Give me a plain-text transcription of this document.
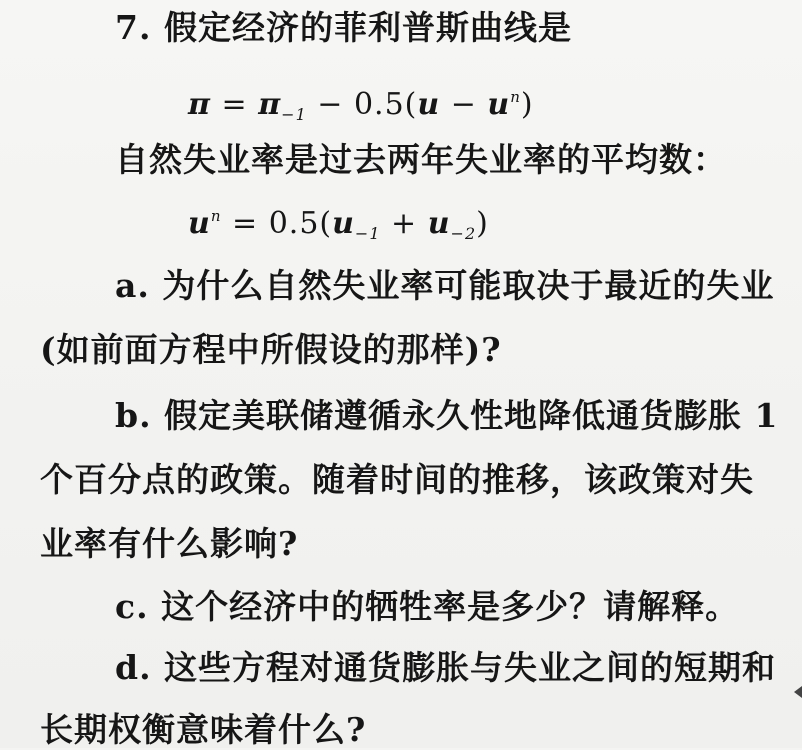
7. 假定经济的菲利普斯曲线是
$\pi = \pi_{-1} - 0.5(u - u^n)$
自然失业率是过去两年失业率的平均数：
$u^n = 0.5(u_{-1} + u_{-2})$
a. 为什么自然失业率可能取决于最近的失业
(如前面方程中所假设的那样)?
b. 假定美联储遵循永久性地降低通货膨胀 1
个百分点的政策。随着时间的推移，该政策对失
业率有什么影响?
c. 这个经济中的牺牲率是多少？请解释。
d. 这些方程对通货膨胀与失业之间的短期和
长期权衡意味着什么?
